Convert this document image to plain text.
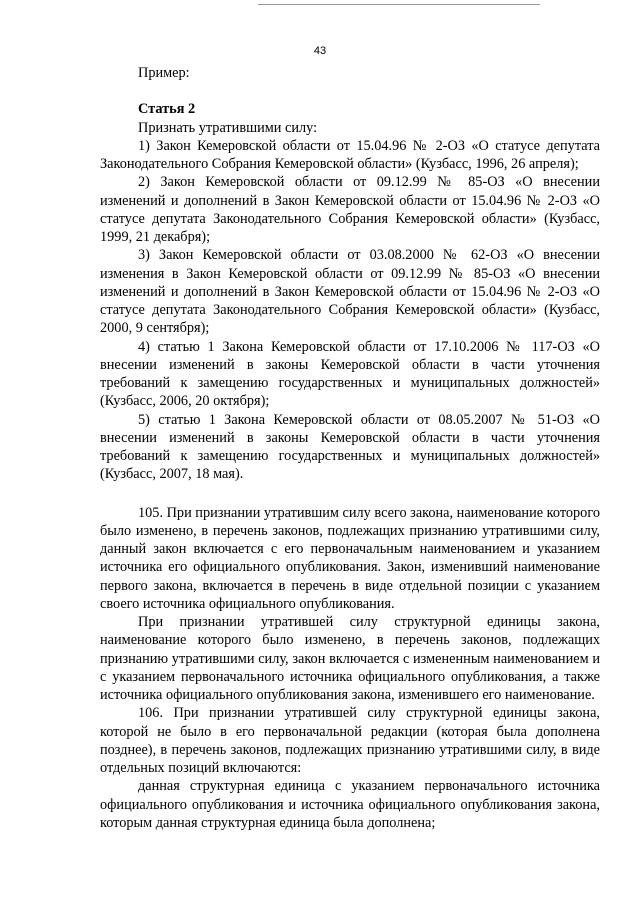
43

Пример:

Статья 2

Признать утратившими силу:

1) Закон Кемеровской области от 15.04.96 № 2-ОЗ «О статусе депутата Законодательного Собрания Кемеровской области» (Кузбасс, 1996, 26 апреля);

2) Закон Кемеровской области от 09.12.99 № 85-ОЗ «О внесении изменений и дополнений в Закон Кемеровской области от 15.04.96 № 2-ОЗ «О статусе депутата Законодательного Собрания Кемеровской области» (Кузбасс, 1999, 21 декабря);

3) Закон Кемеровской области от 03.08.2000 № 62-ОЗ «О внесении изменения в Закон Кемеровской области от 09.12.99 № 85-ОЗ «О внесении изменений и дополнений в Закон Кемеровской области от 15.04.96 № 2-ОЗ «О статусе депутата Законодательного Собрания Кемеровской области» (Кузбасс, 2000, 9 сентября);

4) статью 1 Закона Кемеровской области от 17.10.2006 № 117-ОЗ «О внесении изменений в законы Кемеровской области в части уточнения требований к замещению государственных и муниципальных должностей» (Кузбасс, 2006, 20 октября);

5) статью 1 Закона Кемеровской области от 08.05.2007 № 51-ОЗ «О внесении изменений в законы Кемеровской области в части уточнения требований к замещению государственных и муниципальных должностей» (Кузбасс, 2007, 18 мая).

105. При признании утратившим силу всего закона, наименование которого было изменено, в перечень законов, подлежащих признанию утратившими силу, данный закон включается с его первоначальным наименованием и указанием источника его официального опубликования. Закон, изменивший наименование первого закона, включается в перечень в виде отдельной позиции с указанием своего источника официального опубликования.

При признании утратившей силу структурной единицы закона, наименование которого было изменено, в перечень законов, подлежащих признанию утратившими силу, закон включается с измененным наименованием и с указанием первоначального источника официального опубликования, а также источника официального опубликования закона, изменившего его наименование.

106. При признании утратившей силу структурной единицы закона, которой не было в его первоначальной редакции (которая была дополнена позднее), в перечень законов, подлежащих признанию утратившими силу, в виде отдельных позиций включаются:

данная структурная единица с указанием первоначального источника официального опубликования и источника официального опубликования закона, которым данная структурная единица была дополнена;
